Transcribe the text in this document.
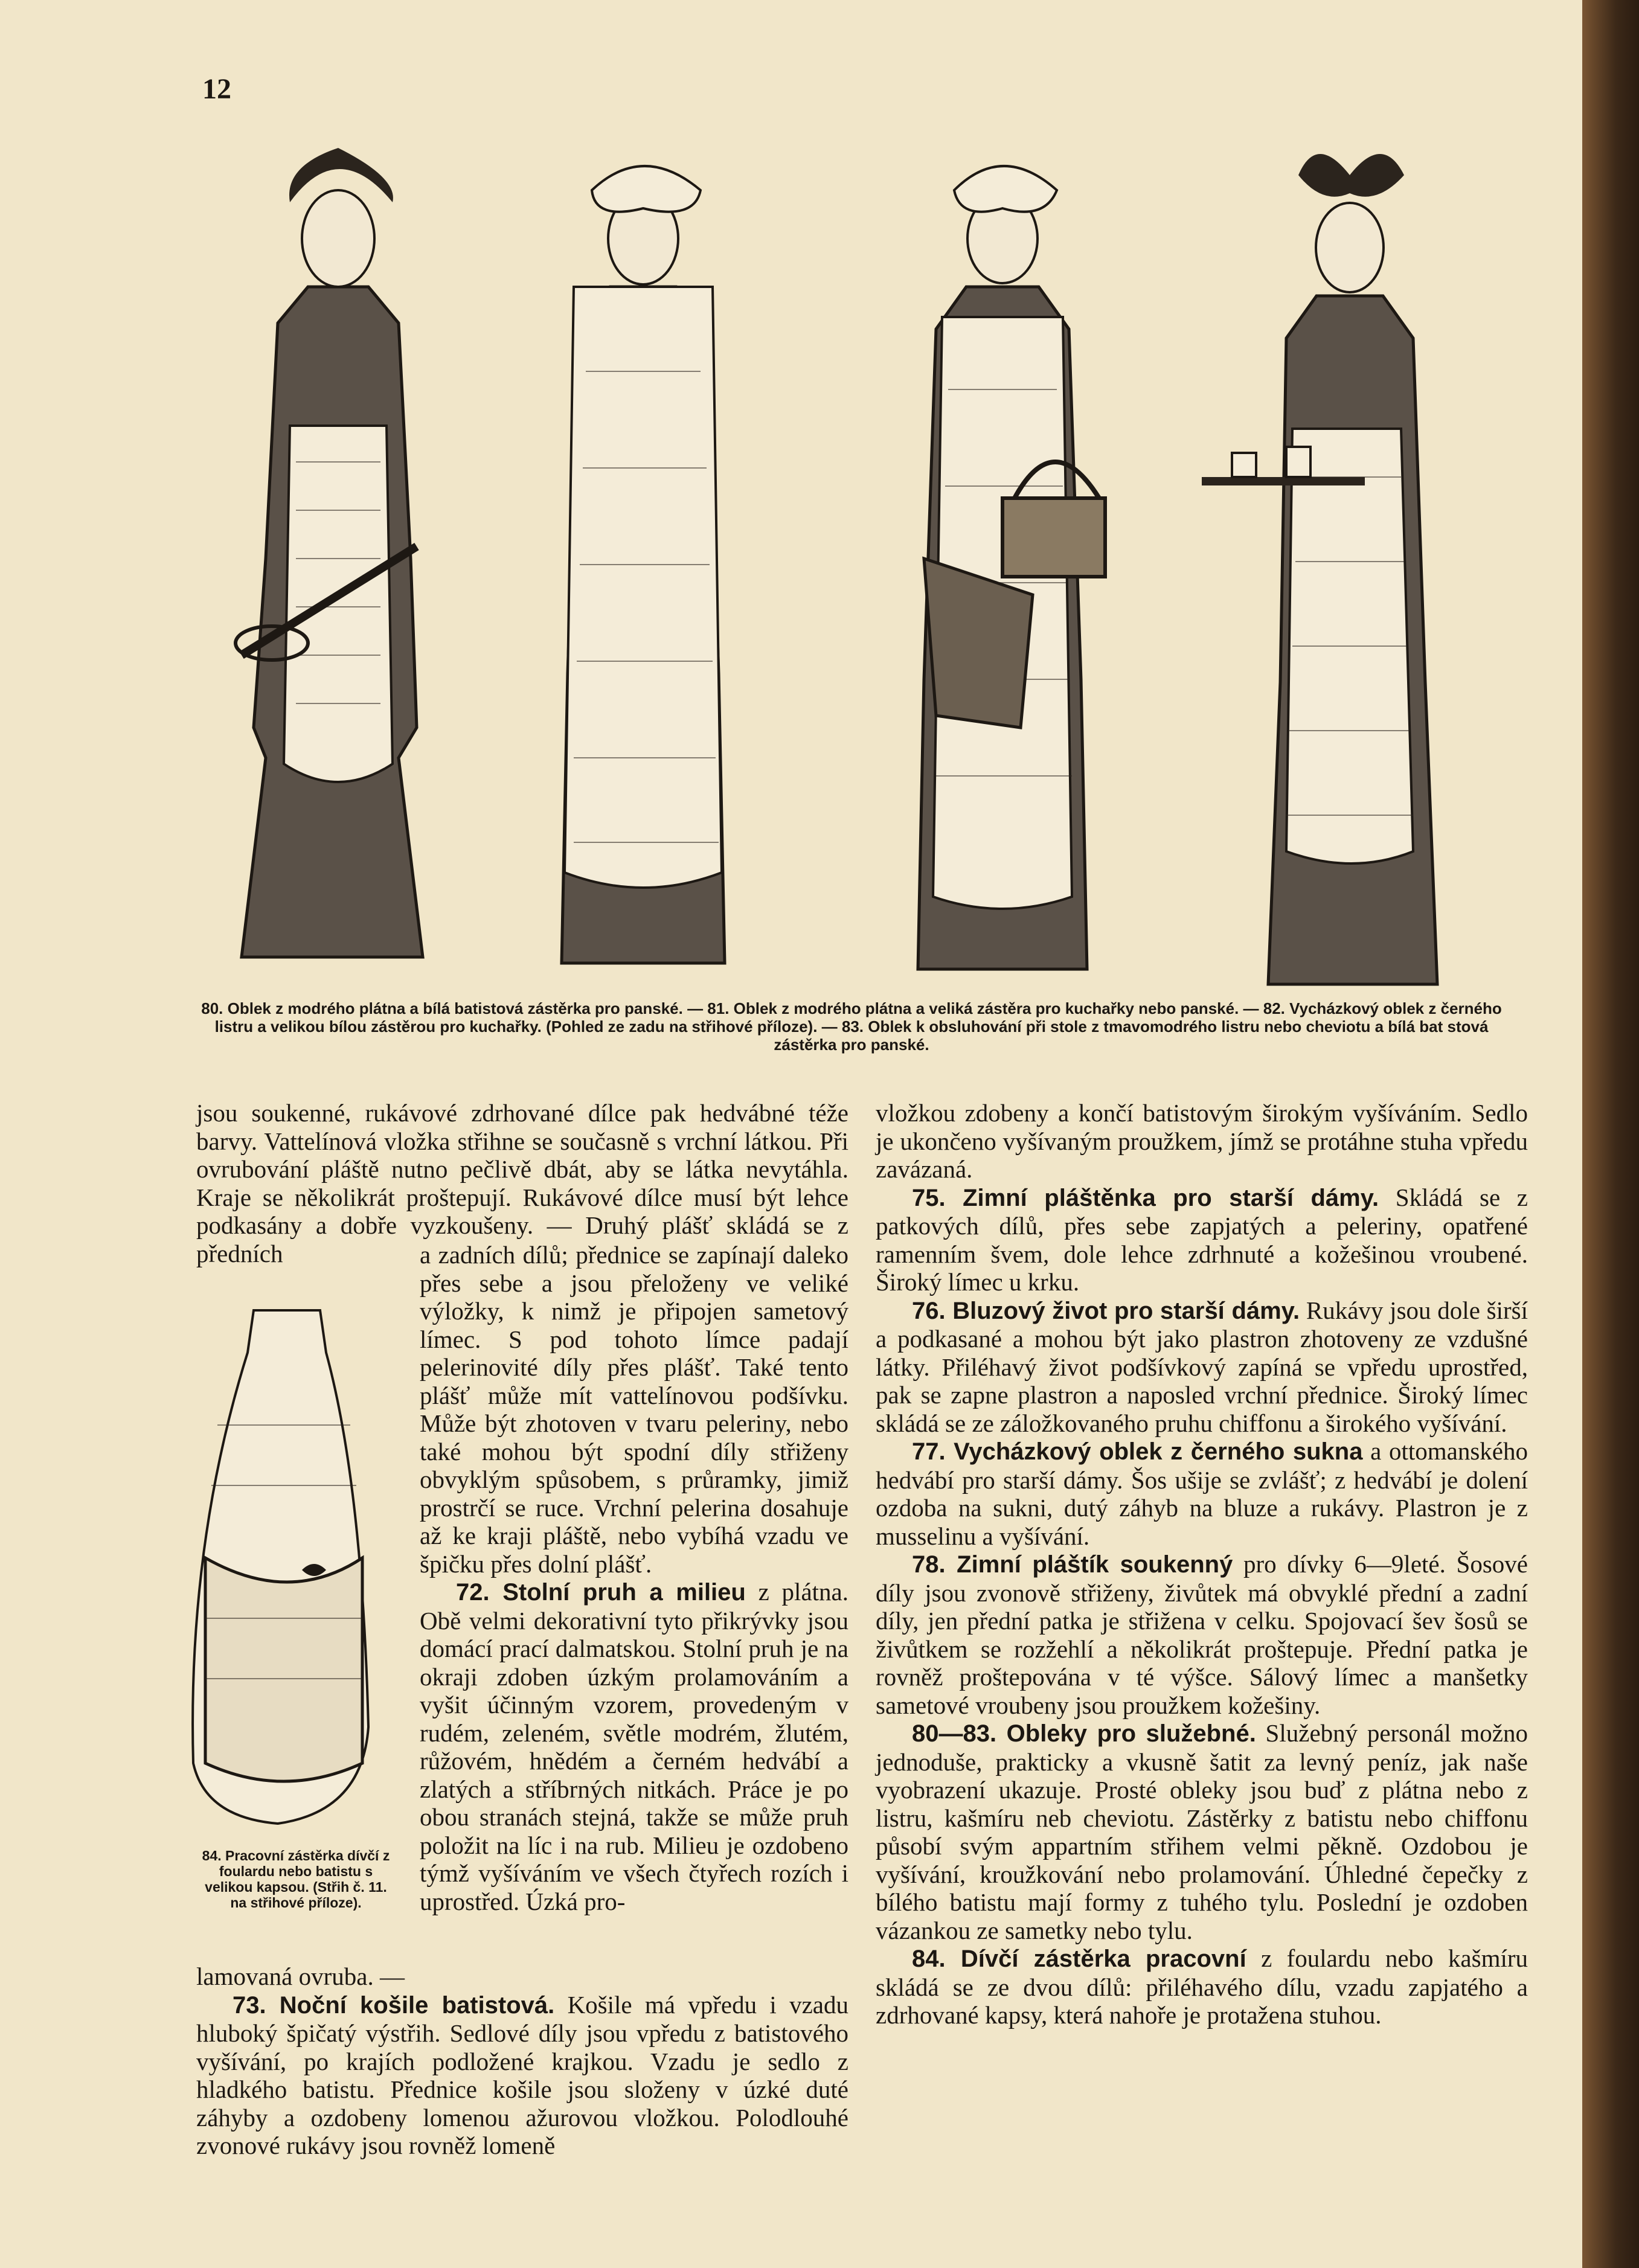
12
80. Oblek z modrého plátna a bílá batistová zástěrka pro panské. — 81. Oblek z modrého plátna a veliká zástěra pro kuchařky nebo panské. — 82. Vycházkový oblek z černého listru a velikou bílou zástěrou pro kuchařky. (Pohled ze zadu na střihové příloze). — 83. Oblek k obsluhování při stole z tmavomodrého listru nebo cheviotu a bílá bat stová zástěrka pro panské.

jsou soukenné, rukávové zdrhované dílce pak hedvábné téže barvy. Vattelínová vložka střihne se současně s vrchní látkou. Při ovrubování pláště nutno pečlivě dbát, aby se látka nevytáhla. Kraje se několikrát proštepují. Rukávové dílce musí být lehce podkasány a dobře vyzkoušeny. — Druhý plášť skládá se z předních	a zadních dílů; přednice se zapínají daleko přes sebe a jsou přeloženy ve veliké výložky, k nimž je připojen sametový límec. S pod tohoto límce padají pelerinovité díly přes plášť. Také tento plášť může mít vattelínovou podšívku. Může být zhotoven v tvaru peleriny, nebo také mohou být spodní díly střiženy obvyklým spůsobem, s průramky, jimiž prostrčí se ruce. Vrchní pelerina dosahuje až ke kraji pláště, nebo vybíhá vzadu ve špičku přes dolní plášť.

72. Stolní pruh a milieu z plátna. Obě velmi dekorativní tyto přikrývky jsou domácí prací dalmatskou. Stolní pruh je na okraji zdoben úzkým prolamováním a vyšit účinným vzorem, provedeným v rudém, zeleném, světle modrém, žlutém, růžovém, hnědém a černém hedvábí a zlatých a stříbrných nitkách. Práce je po obou stranách stejná, takže se může pruh položit na líc i na rub. Milieu je ozdobeno týmž vyšíváním ve všech čtyřech rozích i uprostřed. Úzká pro-

84. Pracovní zástěrka dívčí z foulardu nebo batistu s velikou kapsou. (Střih č. 11. na střihové příloze).

lamovaná ovruba. —

73. Noční košile batistová. Košile má vpředu i vzadu hluboký špičatý výstřih. Sedlové díly jsou vpředu z batistového vyšívání, po krajích podložené krajkou. Vzadu je sedlo z hladkého batistu. Přednice košile jsou složeny v úzké duté záhyby a ozdobeny lomenou ažurovou vložkou. Polodlouhé zvonové rukávy jsou rovněž lomeně

vložkou zdobeny a končí batistovým širokým vyšíváním. Sedlo je ukončeno vyšívaným proužkem, jímž se protáhne stuha vpředu zavázaná.

75. Zimní pláštěnka pro starší dámy. Skládá se z patkových dílů, přes sebe zapjatých a peleriny, opatřené ramenním švem, dole lehce zdrhnuté a kožešinou vroubené. Široký límec u krku.

76. Bluzový život pro starší dámy. Rukávy jsou dole širší a podkasané a mohou být jako plastron zhotoveny ze vzdušné látky. Přiléhavý život podšívkový zapíná se vpředu uprostřed, pak se zapne plastron a naposled vrchní přednice. Široký límec skládá se ze záložkovaného pruhu chiffonu a širokého vyšívání.

77. Vycházkový oblek z černého sukna a ottomanského hedvábí pro starší dámy. Šos ušije se zvlášť; z hedvábí je dolení ozdoba na sukni, dutý záhyb na bluze a rukávy. Plastron je z musselinu a vyšívání.

78. Zimní pláštík soukenný pro dívky 6—9leté. Šosové díly jsou zvonově střiženy, živůtek má obvyklé přední a zadní díly, jen přední patka je střižena v celku. Spojovací šev šosů se živůtkem se rozžehlí a několikrát proštepuje. Přední patka je rovněž proštepována v té výšce. Sálový límec a manšetky sametové vroubeny jsou proužkem kožešiny.

80—83. Obleky pro služebné. Služebný personál možno jednoduše, prakticky a vkusně šatit za levný peníz, jak naše vyobrazení ukazuje. Prosté obleky jsou buď z plátna nebo z listru, kašmíru neb cheviotu. Zástěrky z batistu nebo chiffonu působí svým appartním střihem velmi pěkně. Ozdobou je vyšívání, kroužkování nebo prolamování. Úhledné čepečky z bílého batistu mají formy z tuhého tylu. Poslední je ozdoben vázankou ze sametky nebo tylu.

84. Dívčí zástěrka pracovní z foulardu nebo kašmíru skládá se ze dvou dílů: přiléhavého dílu, vzadu zapjatého a zdrhované kapsy, která nahoře je protažena stuhou.
